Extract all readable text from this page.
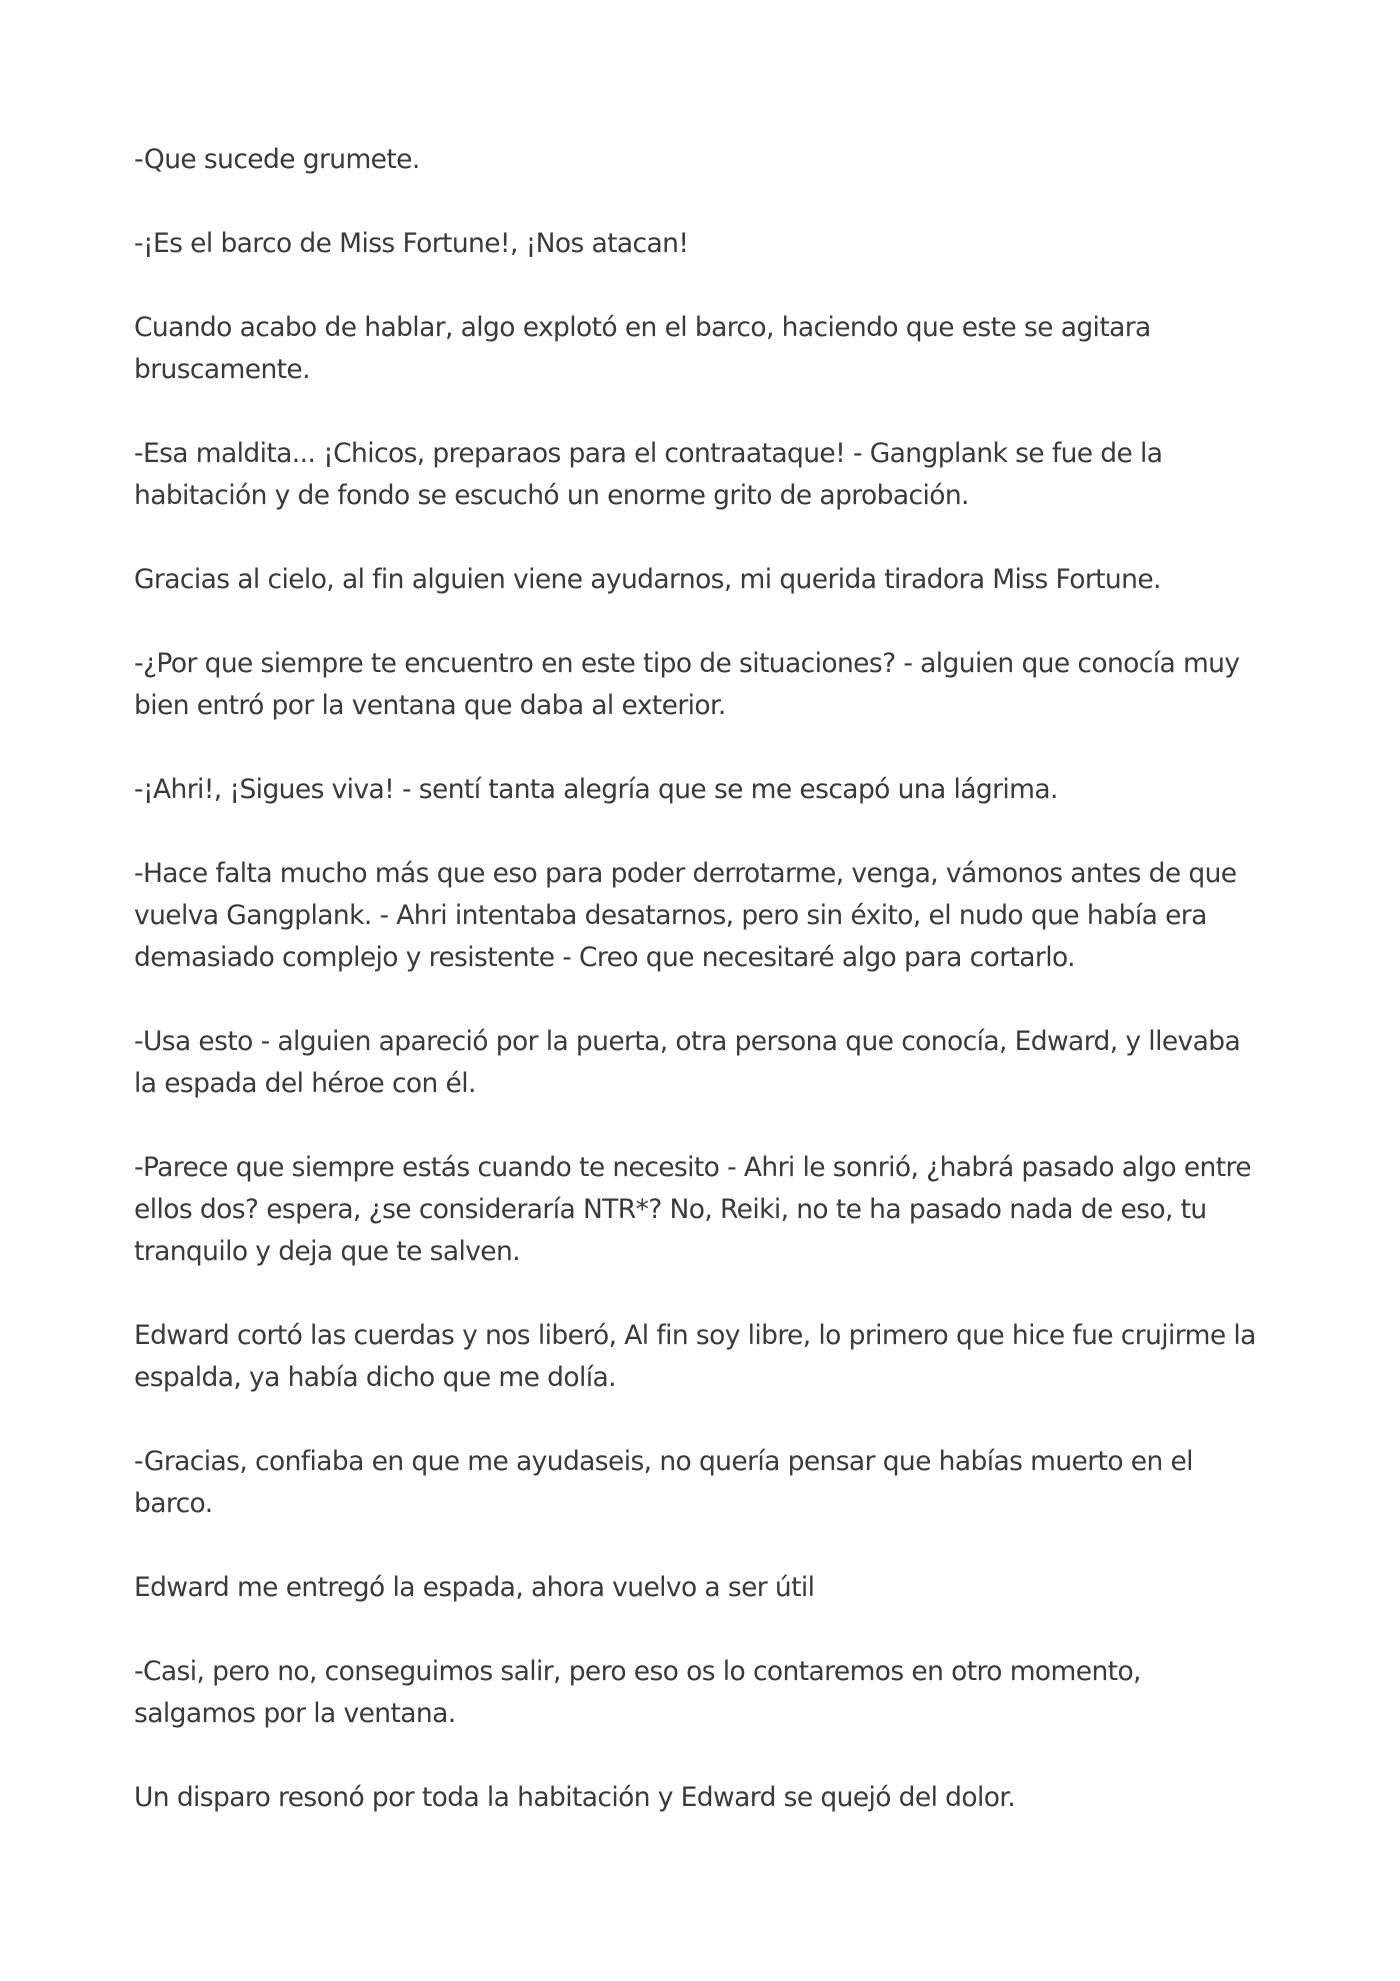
-Que sucede grumete.

-¡Es el barco de Miss Fortune!, ¡Nos atacan!

Cuando acabo de hablar, algo explotó en el barco, haciendo que este se agitara bruscamente.

-Esa maldita... ¡Chicos, preparaos para el contraataque! - Gangplank se fue de la habitación y de fondo se escuchó un enorme grito de aprobación.

Gracias al cielo, al fin alguien viene ayudarnos, mi querida tiradora Miss Fortune.

-¿Por que siempre te encuentro en este tipo de situaciones? - alguien que conocía muy bien entró por la ventana que daba al exterior.

-¡Ahri!, ¡Sigues viva! - sentí tanta alegría que se me escapó una lágrima.

-Hace falta mucho más que eso para poder derrotarme, venga, vámonos antes de que vuelva Gangplank. - Ahri intentaba desatarnos, pero sin éxito, el nudo que había era demasiado complejo y resistente - Creo que necesitaré algo para cortarlo.

-Usa esto - alguien apareció por la puerta, otra persona que conocía, Edward, y llevaba la espada del héroe con él.

-Parece que siempre estás cuando te necesito - Ahri le sonrió, ¿habrá pasado algo entre ellos dos? espera, ¿se consideraría NTR*? No, Reiki, no te ha pasado nada de eso, tu tranquilo y deja que te salven.

Edward cortó las cuerdas y nos liberó, Al fin soy libre, lo primero que hice fue crujirme la espalda, ya había dicho que me dolía.

-Gracias, confiaba en que me ayudaseis, no quería pensar que habías muerto en el barco.

Edward me entregó la espada, ahora vuelvo a ser útil

-Casi, pero no, conseguimos salir, pero eso os lo contaremos en otro momento, salgamos por la ventana.

Un disparo resonó por toda la habitación y Edward se quejó del dolor.
